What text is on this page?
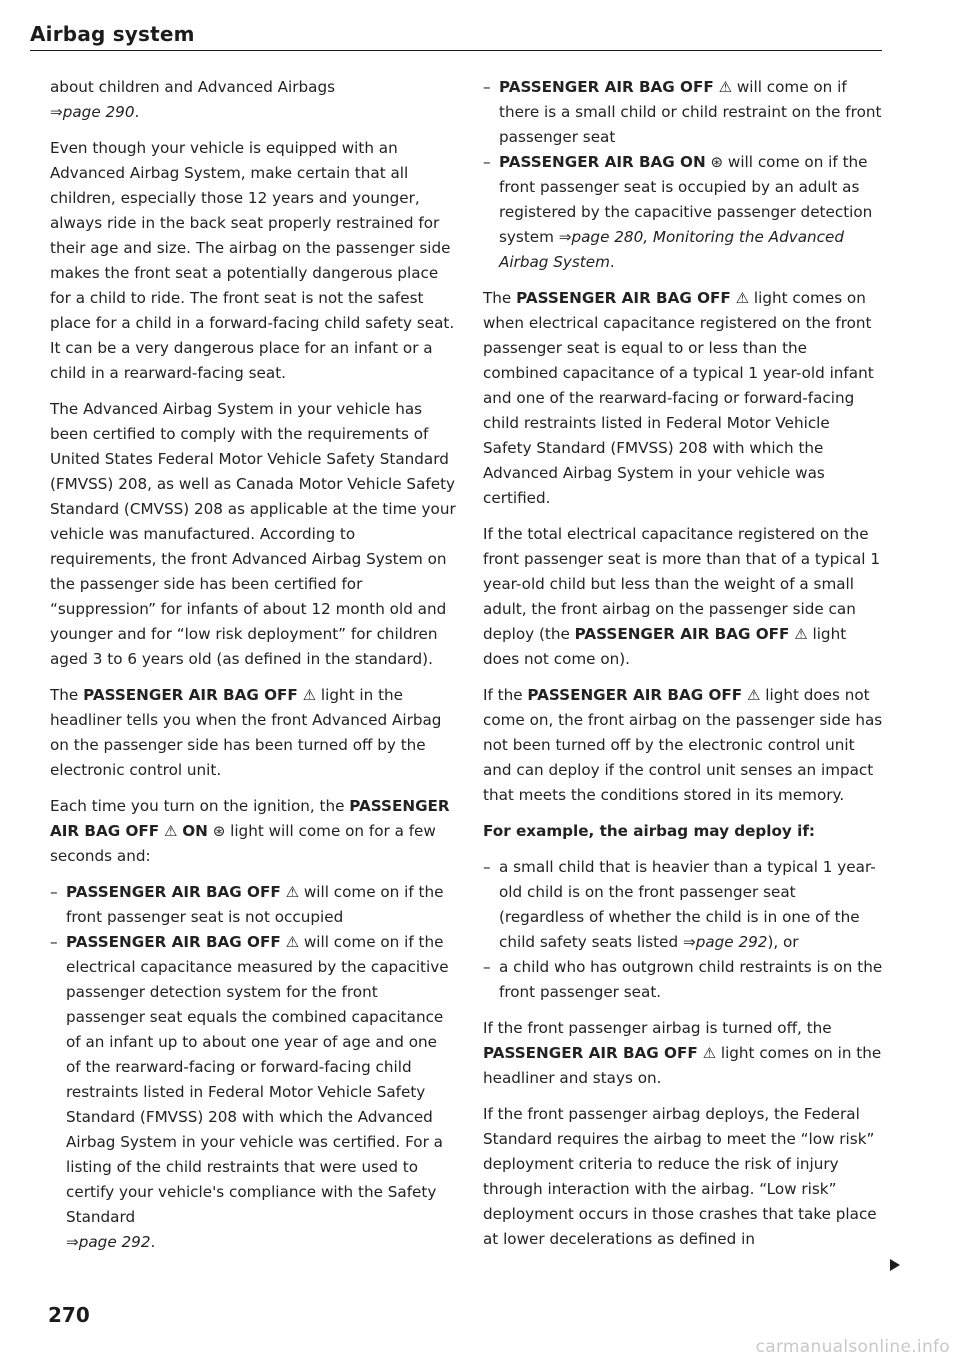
Airbag system

about children and Advanced Airbags
⇒page 290.

Even though your vehicle is equipped with an Advanced Airbag System, make certain that all children, especially those 12 years and younger, always ride in the back seat properly restrained for their age and size. The airbag on the passenger side makes the front seat a potentially dangerous place for a child to ride. The front seat is not the safest place for a child in a forward-facing child safety seat. It can be a very dangerous place for an infant or a child in a rearward-facing seat.

The Advanced Airbag System in your vehicle has been certified to comply with the requirements of United States Federal Motor Vehicle Safety Standard (FMVSS) 208, as well as Canada Motor Vehicle Safety Standard (CMVSS) 208 as applicable at the time your vehicle was manufactured. According to requirements, the front Advanced Airbag System on the passenger side has been certified for “suppression” for infants of about 12 month old and younger and for “low risk deployment” for children aged 3 to 6 years old (as defined in the standard).

The PASSENGER AIR BAG OFF ⚠ light in the headliner tells you when the front Advanced Airbag on the passenger side has been turned off by the electronic control unit.

Each time you turn on the ignition, the PASSENGER AIR BAG OFF ⚠ ON ⊛ light will come on for a few seconds and:

– PASSENGER AIR BAG OFF ⚠ will come on if the front passenger seat is not occupied
– PASSENGER AIR BAG OFF ⚠ will come on if the electrical capacitance measured by the capacitive passenger detection system for the front passenger seat equals the combined capacitance of an infant up to about one year of age and one of the rearward-facing or forward-facing child restraints listed in Federal Motor Vehicle Safety Standard (FMVSS) 208 with which the Advanced Airbag System in your vehicle was certified. For a listing of the child restraints that were used to certify your vehicle's compliance with the Safety Standard
⇒page 292.
– PASSENGER AIR BAG OFF ⚠ will come on if there is a small child or child restraint on the front passenger seat
– PASSENGER AIR BAG ON ⊛ will come on if the front passenger seat is occupied by an adult as registered by the capacitive passenger detection system ⇒page 280, Monitoring the Advanced Airbag System.

The PASSENGER AIR BAG OFF ⚠ light comes on when electrical capacitance registered on the front passenger seat is equal to or less than the combined capacitance of a typical 1 year-old infant and one of the rearward-facing or forward-facing child restraints listed in Federal Motor Vehicle Safety Standard (FMVSS) 208 with which the Advanced Airbag System in your vehicle was certified.

If the total electrical capacitance registered on the front passenger seat is more than that of a typical 1 year-old child but less than the weight of a small adult, the front airbag on the passenger side can deploy (the PASSENGER AIR BAG OFF ⚠ light does not come on).

If the PASSENGER AIR BAG OFF ⚠ light does not come on, the front airbag on the passenger side has not been turned off by the electronic control unit and can deploy if the control unit senses an impact that meets the conditions stored in its memory.

For example, the airbag may deploy if:

– a small child that is heavier than a typical 1 year-old child is on the front passenger seat (regardless of whether the child is in one of the child safety seats listed ⇒page 292), or
– a child who has outgrown child restraints is on the front passenger seat.

If the front passenger airbag is turned off, the PASSENGER AIR BAG OFF ⚠ light comes on in the headliner and stays on.

If the front passenger airbag deploys, the Federal Standard requires the airbag to meet the “low risk” deployment criteria to reduce the risk of injury through interaction with the airbag. “Low risk” deployment occurs in those crashes that take place at lower decelerations as defined in

270
carmanualsonline.info
